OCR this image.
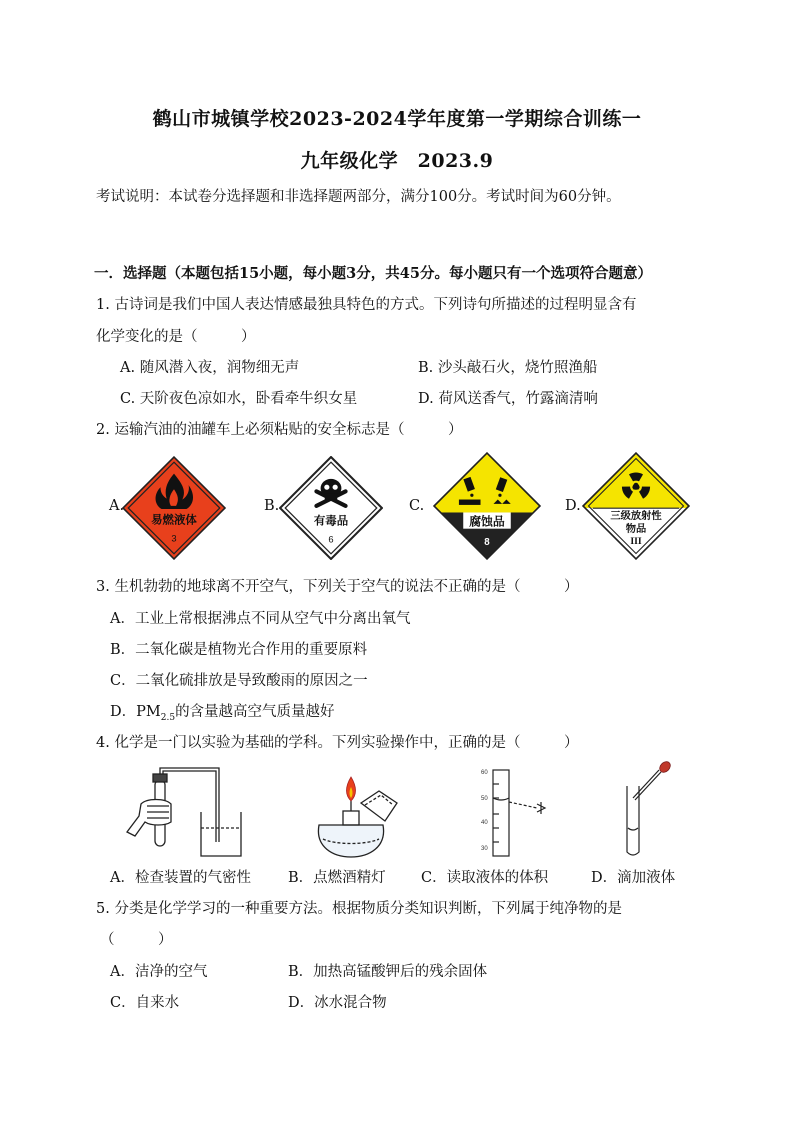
鹤山市城镇学校2023-2024学年度第一学期综合训练一
九年级化学　2023.9
考试说明：本试卷分选择题和非选择题两部分，满分100分。考试时间为60分钟。
一．选择题（本题包括15小题，每小题3分，共45分。每小题只有一个选项符合题意）
1. 古诗词是我们中国人表达情感最独具特色的方式。下列诗句所描述的过程明显含有
化学变化的是（　　　）
A. 随风潜入夜，润物细无声	B. 沙头敲石火，烧竹照渔船
C. 天阶夜色凉如水，卧看牵牛织女星	D. 荷风送香气，竹露滴清响
2. 运输汽油的油罐车上必须粘贴的安全标志是（　　　）
A.	B.	C.	D.
易燃液体
3
有毒品
6
腐蚀品
8
三级放射性
物品
III
3. 生机勃勃的地球离不开空气，下列关于空气的说法不正确的是（　　　）
A．工业上常根据沸点不同从空气中分离出氧气
B．二氧化碳是植物光合作用的重要原料
C．二氧化硫排放是导致酸雨的原因之一
D．$PM_{2.5}$的含量越高空气质量越好
4. 化学是一门以实验为基础的学科。下列实验操作中，正确的是（　　　）
60
50
40
30
A．检查装置的气密性	B．点燃酒精灯 C．读取液体的体积	D．滴加液体
5. 分类是化学学习的一种重要方法。根据物质分类知识判断，下列属于纯净物的是
（　　　）
A．洁净的空气	B．加热高锰酸钾后的残余固体
C．自来水	D．冰水混合物
